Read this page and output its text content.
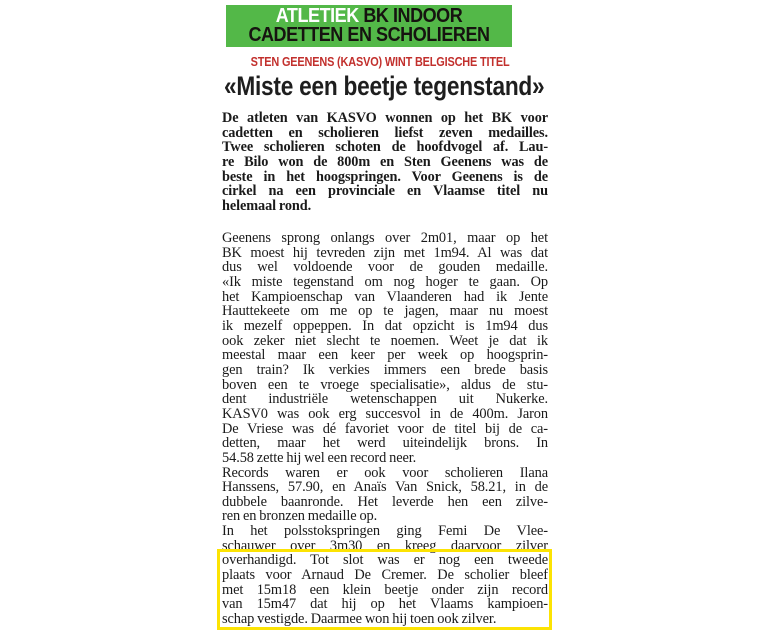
ATLETIEK BK INDOOR
CADETTEN EN SCHOLIEREN
STEN GEENENS (KASVO) WINT BELGISCHE TITEL
«Miste een beetje tegenstand»
De atleten van KASVO wonnen op het BK voor
cadetten en scholieren liefst zeven medailles.
Twee scholieren schoten de hoofdvogel af. Lau-
re Bilo won de 800m en Sten Geenens was de
beste in het hoogspringen. Voor Geenens is de
cirkel na een provinciale en Vlaamse titel nu
helemaal rond.
Geenens sprong onlangs over 2m01, maar op het
BK moest hij tevreden zijn met 1m94. Al was dat
dus wel voldoende voor de gouden medaille.
«Ik miste tegenstand om nog hoger te gaan. Op
het Kampioenschap van Vlaanderen had ik Jente
Hauttekeete om me op te jagen, maar nu moest
ik mezelf oppeppen. In dat opzicht is 1m94 dus
ook zeker niet slecht te noemen. Weet je dat ik
meestal maar een keer per week op hoogsprin-
gen train? Ik verkies immers een brede basis
boven een te vroege specialisatie», aldus de stu-
dent industriële wetenschappen uit Nukerke.
KASV0 was ook erg succesvol in de 400m. Jaron
De Vriese was dé favoriet voor de titel bij de ca-
detten, maar het werd uiteindelijk brons. In
54.58 zette hij wel een record neer.
Records waren er ook voor scholieren Ilana
Hanssens, 57.90, en Anaïs Van Snick, 58.21, in de
dubbele baanronde. Het leverde hen een zilve-
ren en bronzen medaille op.
In het polsstokspringen ging Femi De Vlee-
schauwer over 3m30 en kreeg daarvoor zilver
overhandigd. Tot slot was er nog een tweede
plaats voor Arnaud De Cremer. De scholier bleef
met 15m18 een klein beetje onder zijn record
van 15m47 dat hij op het Vlaams kampioen-
schap vestigde. Daarmee won hij toen ook zilver.
